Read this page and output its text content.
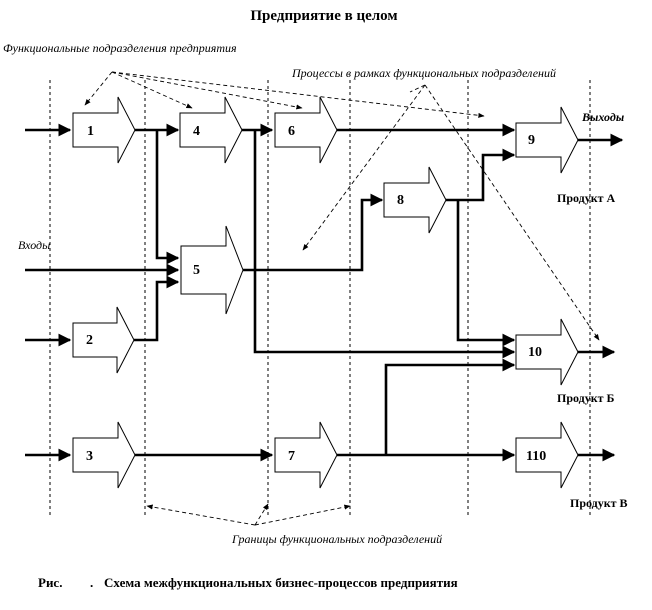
Предприятие в целом
Функциональные подразделения предприятия
Процессы в рамках функциональных подразделений
1	4	6
9
8
5
2
10
3	7	110
Выходы
Продукт А
Входы
Продукт Б
Продукт В
Границы функциональных подразделений
Рис. . Схема межфункциональных бизнес-процессов предприятия
